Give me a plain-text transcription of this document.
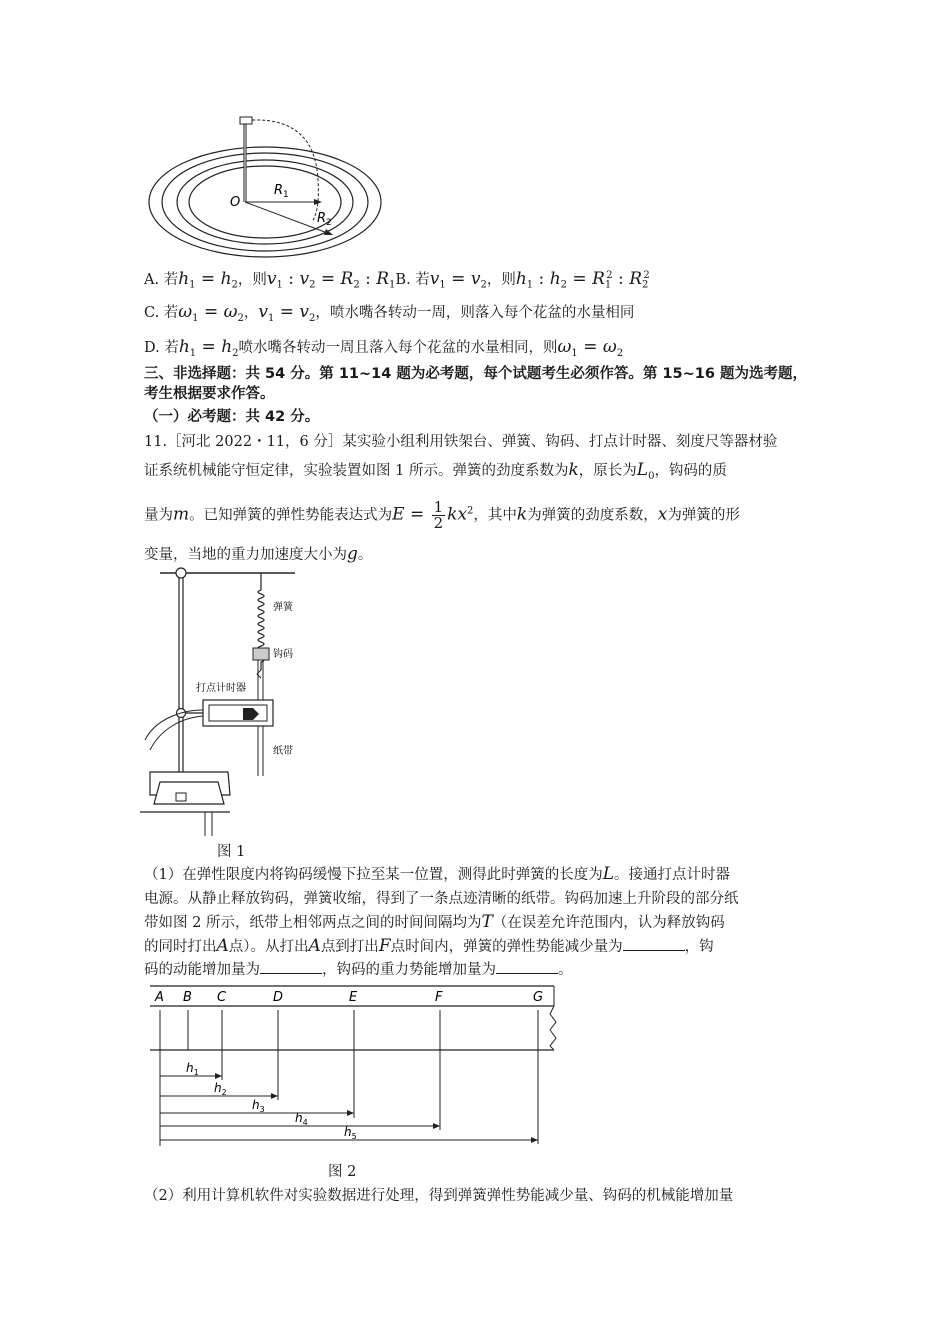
O
$R_1$
$R_2$
A. 若$h_1 = h_2$，则$v_1$ : $v_2 = R_2$ : $R_1B$. 若$v_1 = v_2$，则$h_1$ : $h_2 = R_1^2$ : $R_2^2$
C. 若$\omega_1 = \omega_2$，$v_1 = v_2$，喷水嘴各转动一周，则落入每个花盆的水量相同
D. 若$h_1 = h_2$喷水嘴各转动一周且落入每个花盆的水量相同，则$\omega_1 = \omega_2$
三、非选择题：共 54 分。第 11~14 题为必考题，每个试题考生必须作答。第 15~16 题为选考题，
考生根据要求作答。
（一）必考题：共 42 分。
11.［河北 2022・11，6 分］某实验小组利用铁架台、弹簧、钩码、打点计时器、刻度尺等器材验
证系统机械能守恒定律，实验装置如图 1 所示。弹簧的劲度系数为k，原长为$L_0$，钩码的质
量为m。已知弹簧的弹性势能表达式为$E = \frac{1}{2} kx^2$，其中k为弹簧的劲度系数，x为弹簧的形
变量，当地的重力加速度大小为g。
弹簧
钩码
打点计时器
纸带
图 1
（1）在弹性限度内将钩码缓慢下拉至某一位置，测得此时弹簧的长度为L。接通打点计时器
电源。从静止释放钩码，弹簧收缩，得到了一条点迹清晰的纸带。钩码加速上升阶段的部分纸
带如图 2 所示，纸带上相邻两点之间的时间间隔均为T（在误差允许范围内，认为释放钩码
的同时打出A点）。从打出A点到打出F点时间内，弹簧的弹性势能减少量为	，钩
码的动能增加量为	，钩码的重力势能增加量为	。
A B C	D	E	F	G
$h_1$
$h_2$
$h_3$
$h_4$
$h_5$
图 2
（2）利用计算机软件对实验数据进行处理，得到弹簧弹性势能减少量、钩码的机械能增加量
